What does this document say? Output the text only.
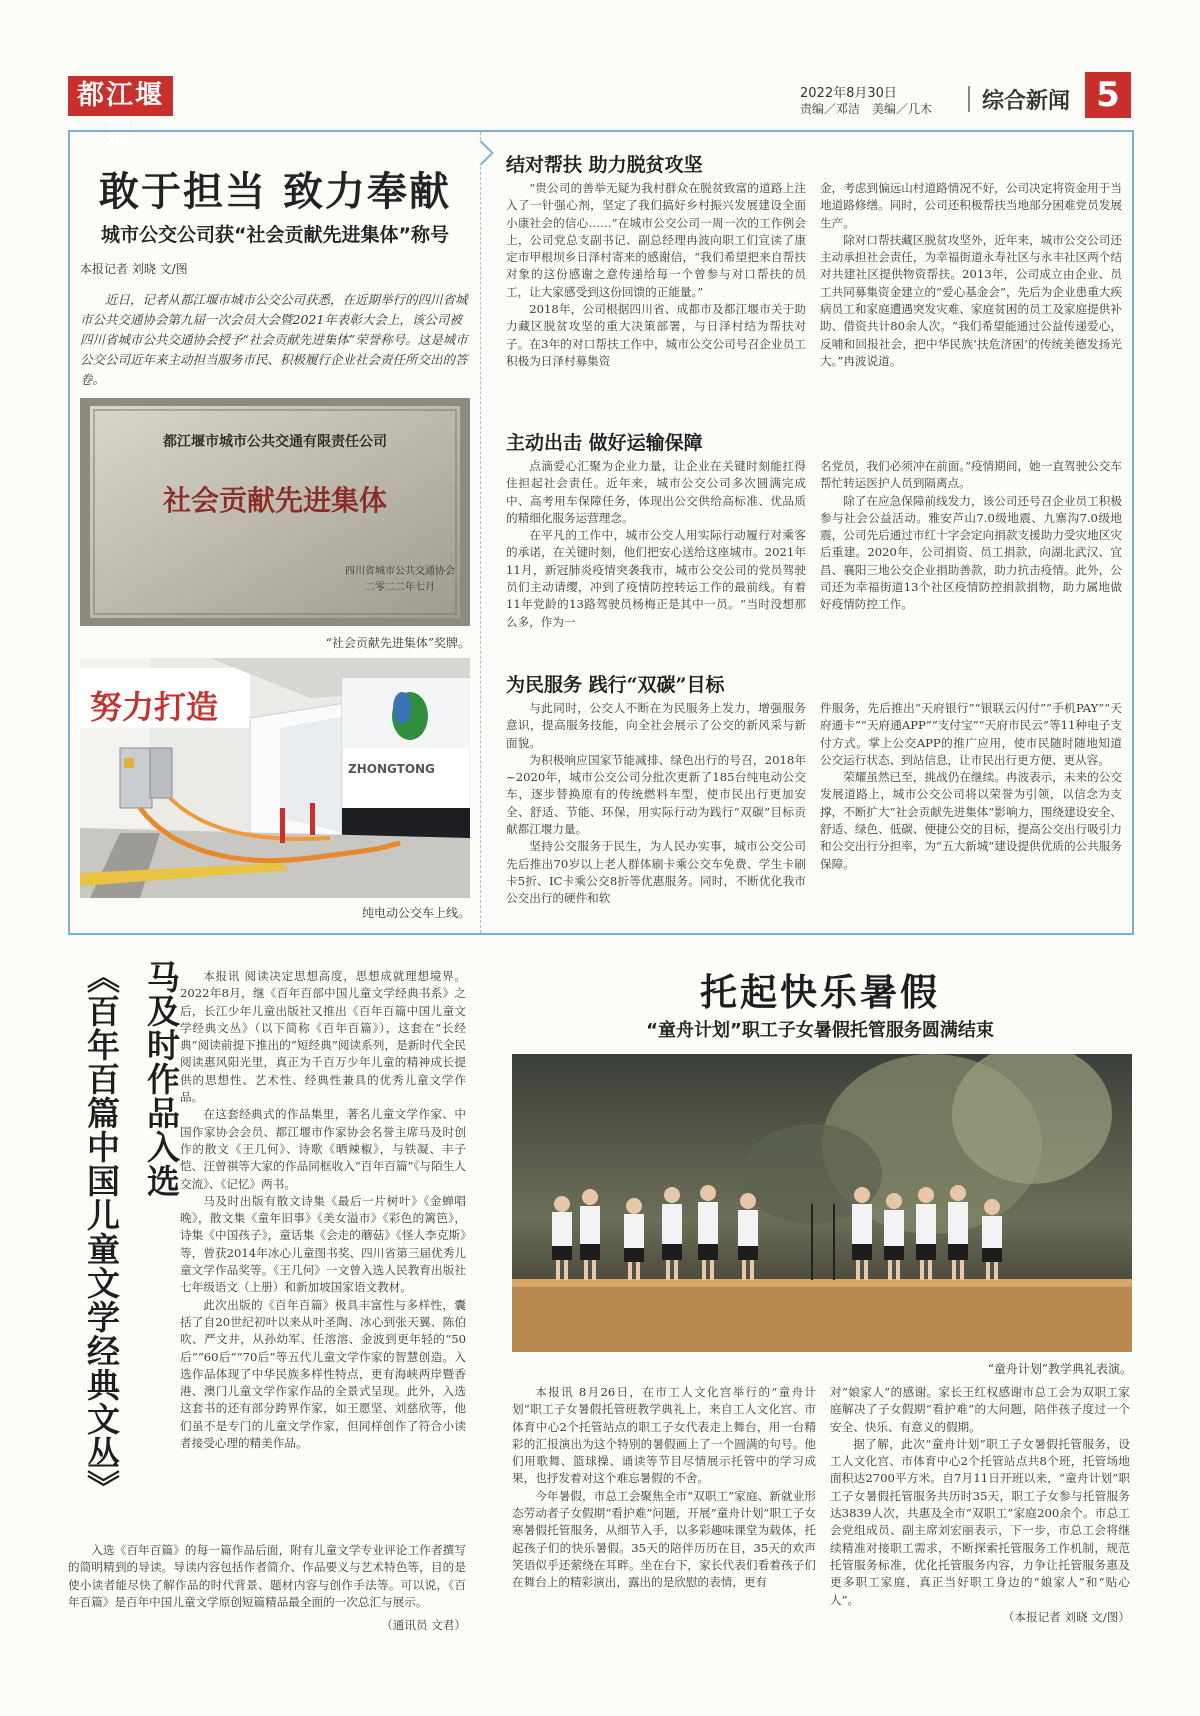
都江堰报
2022年8月30日
责编／邓洁　美编／几木 综合新闻 5
敢于担当 致力奉献
城市公交公司获“社会贡献先进集体”称号
本报记者 刘晓 文/图
近日，记者从都江堰市城市公交公司获悉，在近期举行的四川省城市公共交通协会第九届一次会员大会暨2021年表彰大会上，该公司被四川省城市公共交通协会授予“社会贡献先进集体”荣誉称号。这是城市公交公司近年来主动担当服务市民、积极履行企业社会责任所交出的答卷。
都江堰市城市公共交通有限责任公司
社会贡献先进集体
四川省城市公共交通协会
二零二二年七月
“社会贡献先进集体”奖牌。
努力打造
ZHONGTONG
纯电动公交车上线。
结对帮扶 助力脱贫攻坚

“贵公司的善举无疑为我村群众在脱贫致富的道路上注入了一针强心剂，坚定了我们搞好乡村振兴发展建设全面小康社会的信心……”在城市公交公司一周一次的工作例会上，公司党总支副书记、副总经理冉波向职工们宣读了康定市甲根坝乡日泽村寄来的感谢信，“我们希望把来自帮扶对象的这份感谢之意传递给每一个曾参与对口帮扶的员工，让大家感受到这份回馈的正能量。”

2018年，公司根据四川省、成都市及都江堰市关于助力藏区脱贫攻坚的重大决策部署，与日泽村结为帮扶对子。在3年的对口帮扶工作中，城市公交公司号召企业员工积极为日泽村募集资

金，考虑到偏远山村道路情况不好，公司决定将资金用于当地道路修缮。同时，公司还积极帮扶当地部分困难党员发展生产。

除对口帮扶藏区脱贫攻坚外，近年来，城市公交公司还主动承担社会责任，为幸福街道永寿社区与永丰社区两个结对共建社区提供物资帮扶。2013年，公司成立由企业、员工共同募集资金建立的“爱心基金会”，先后为企业患重大疾病员工和家庭遭遇突发灾难、家庭贫困的员工及家庭提供补助、借资共计80余人次。“我们希望能通过公益传递爱心，反哺和回报社会，把中华民族‘扶危济困’的传统美德发扬光大。”冉波说道。

主动出击 做好运输保障

点滴爱心汇聚为企业力量，让企业在关键时刻能扛得住担起社会责任。近年来，城市公交公司多次圆满完成中、高考用车保障任务，体现出公交供给高标准、优品质的精细化服务运营理念。

在平凡的工作中，城市公交人用实际行动履行对乘客的承诺，在关键时刻，他们把安心送给这座城市。2021年11月，新冠肺炎疫情突袭我市，城市公交公司的党员驾驶员们主动请缨，冲到了疫情防控转运工作的最前线。有着11年党龄的13路驾驶员杨梅正是其中一员。“当时没想那么多，作为一

名党员，我们必须冲在前面。”疫情期间，她一直驾驶公交车帮忙转运医护人员到隔离点。

除了在应急保障前线发力，该公司还号召企业员工积极参与社会公益活动。雅安芦山7.0级地震、九寨沟7.0级地震，公司先后通过市红十字会定向捐款支援助力受灾地区灾后重建。2020年，公司捐资、员工捐款，向湖北武汉、宜昌、襄阳三地公交企业捐助善款，助力抗击疫情。此外，公司还为幸福街道13个社区疫情防控捐款捐物，助力属地做好疫情防控工作。

为民服务 践行“双碳”目标

与此同时，公交人不断在为民服务上发力，增强服务意识，提高服务技能，向全社会展示了公交的新风采与新面貌。

为积极响应国家节能减排、绿色出行的号召，2018年~2020年，城市公交公司分批次更新了185台纯电动公交车，逐步替换原有的传统燃料车型，使市民出行更加安全、舒适、节能、环保，用实际行动为践行“双碳”目标贡献都江堰力量。

坚持公交服务于民生，为人民办实事，城市公交公司先后推出70岁以上老人群体刷卡乘公交车免费、学生卡刷卡5折、IC卡乘公交8折等优惠服务。同时，不断优化我市公交出行的硬件和软

件服务，先后推出“天府银行”“银联云闪付”“手机PAY”“天府通卡”“天府通APP”“支付宝”“天府市民云”等11种电子支付方式。掌上公交APP的推广应用，使市民随时随地知道公交运行状态、到站信息，让市民出行更方便、更从容。

荣耀虽然已至，挑战仍在继续。冉波表示，未来的公交发展道路上，城市公交公司将以荣誉为引领，以信念为支撑，不断扩大“社会贡献先进集体”影响力，围绕建设安全、舒适、绿色、低碳、便捷公交的目标，提高公交出行吸引力和公交出行分担率，为“五大新城”建设提供优质的公共服务保障。

马及时作品入选
《百年百篇中国儿童文学经典文丛》	本报讯 阅读决定思想高度，思想成就理想境界。2022年8月，继《百年百部中国儿童文学经典书系》之后，长江少年儿童出版社又推出《百年百篇中国儿童文学经典文丛》（以下简称《百年百篇》），这套在“长经典”阅读前提下推出的“短经典”阅读系列，是新时代全民阅读惠风阳光里，真正为千百万少年儿童的精神成长提供的思想性、艺术性、经典性兼具的优秀儿童文学作品。

在这套经典式的作品集里，著名儿童文学作家、中国作家协会会员、都江堰市作家协会名誉主席马及时创作的散文《王几何》、诗歌《晒辣椒》，与铁凝、丰子恺、汪曾祺等大家的作品同框收入“百年百篇”《与陌生人交流》、《记忆》两书。

马及时出版有散文诗集《最后一片树叶》《金蝉唱晚》，散文集《童年旧事》《美女溢市》《彩色的篱笆》，诗集《中国孩子》，童话集《会走的蘑菇》《怪人李克斯》等，曾获2014年冰心儿童图书奖、四川省第三届优秀儿童文学作品奖等。《王几何》一文曾入选人民教育出版社七年级语文（上册）和新加坡国家语文教材。

此次出版的《百年百篇》极具丰富性与多样性，囊括了自20世纪初叶以来从叶圣陶、冰心到张天翼、陈伯吹、严文井，从孙幼军、任溶溶、金波到更年轻的“50后”“60后”“70后”等五代儿童文学作家的智慧创造。入选作品体现了中华民族多样性特点，更有海峡两岸暨香港、澳门儿童文学作家作品的全景式呈现。此外，入选这套书的还有部分跨界作家，如王愿坚、刘慈欣等，他们虽不是专门的儿童文学作家，但同样创作了符合小读者接受心理的精美作品。

入选《百年百篇》的每一篇作品后面，附有儿童文学专业评论工作者撰写的简明精到的导读。导读内容包括作者简介、作品要义与艺术特色等，目的是使小读者能尽快了解作品的时代背景、题材内容与创作手法等。可以说，《百年百篇》是百年中国儿童文学原创短篇精品最全面的一次总汇与展示。

（通讯员 文君）
托起快乐暑假
“童舟计划”职工子女暑假托管服务圆满结束
“童舟计划”教学典礼表演。

本报讯 8月26日，在市工人文化宫举行的“童舟计划”职工子女暑假托管班教学典礼上，来自工人文化宫、市体育中心2个托管站点的职工子女代表走上舞台，用一台精彩的汇报演出为这个特别的暑假画上了一个圆满的句号。他们用歌舞、篮球操、诵读等节目尽情展示托管中的学习成果，也抒发着对这个难忘暑假的不舍。

今年暑假，市总工会聚焦全市“双职工”家庭、新就业形态劳动者子女假期“看护难”问题，开展“童舟计划”职工子女寒暑假托管服务，从细节入手，以多彩趣味课堂为载体，托起孩子们的快乐暑假。35天的陪伴历历在目，35天的欢声笑语似乎还萦绕在耳畔。坐在台下，家长代表们看着孩子们在舞台上的精彩演出，露出的是欣慰的表情，更有

对“娘家人”的感谢。家长王红权感谢市总工会为双职工家庭解决了子女假期“看护难”的大问题，陪伴孩子度过一个安全、快乐、有意义的假期。

据了解，此次“童舟计划”职工子女暑假托管服务，设工人文化宫、市体育中心2个托管站点共8个班，托管场地面积达2700平方米。自7月11日开班以来，“童舟计划”职工子女暑假托管服务共历时35天，职工子女参与托管服务达3839人次，共惠及全市“双职工”家庭200余个。市总工会党组成员、副主席刘宏丽表示，下一步，市总工会将继续精准对接职工需求，不断探索托管服务工作机制，规范托管服务标准，优化托管服务内容，力争让托管服务惠及更多职工家庭，真正当好职工身边的“娘家人”和“贴心人”。

（本报记者 刘晓 文/图）
